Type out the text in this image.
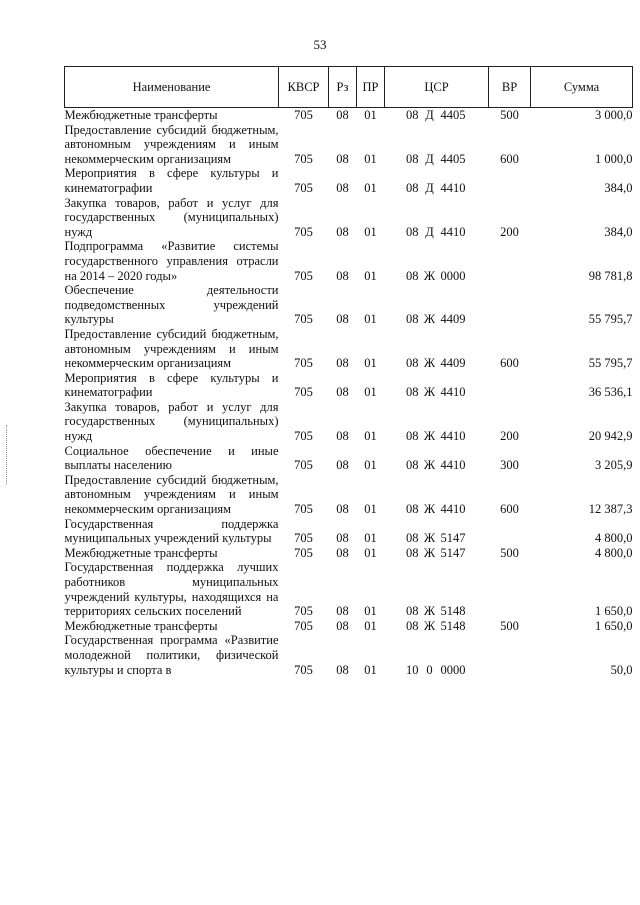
53
Наименование	КВСР	Рз	ПР	ЦСР			ВР	Сумма
Межбюджетные трансферты	705	08	01	08	Д	4405	500	3 000,0
Предоставление субсидий бюджетным, автономным учреждениям и иным некоммерческим организациям	705	08	01	08	Д	4405	600	1 000,0
Мероприятия в сфере культуры и кинематографии	705	08	01	08	Д	4410		384,0
Закупка товаров, работ и услуг для государственных (муниципальных) нужд	705	08	01	08	Д	4410	200	384,0
Подпрограмма «Развитие системы государственного управления отрасли на 2014 – 2020 годы»	705	08	01	08	Ж	0000		98 781,8
Обеспечение деятельности подведомственных учреждений культуры	705	08	01	08	Ж	4409		55 795,7
Предоставление субсидий бюджетным, автономным учреждениям и иным некоммерческим организациям	705	08	01	08	Ж	4409	600	55 795,7
Мероприятия в сфере культуры и кинематографии	705	08	01	08	Ж	4410		36 536,1
Закупка товаров, работ и услуг для государственных (муниципальных) нужд	705	08	01	08	Ж	4410	200	20 942,9
Социальное обеспечение и иные выплаты населению	705	08	01	08	Ж	4410	300	3 205,9
Предоставление субсидий бюджетным, автономным учреждениям и иным некоммерческим организациям	705	08	01	08	Ж	4410	600	12 387,3
Государственная поддержка муниципальных учреждений культуры	705	08	01	08	Ж	5147		4 800,0
Межбюджетные трансферты	705	08	01	08	Ж	5147	500	4 800,0
Государственная поддержка лучших работников муниципальных учреждений культуры, находящихся на территориях сельских поселений	705	08	01	08	Ж	5148		1 650,0
Межбюджетные трансферты	705	08	01	08	Ж	5148	500	1 650,0
Государственная программа «Развитие молодежной политики, физической культуры и спорта в	705	08	01	10	0	0000		50,0
